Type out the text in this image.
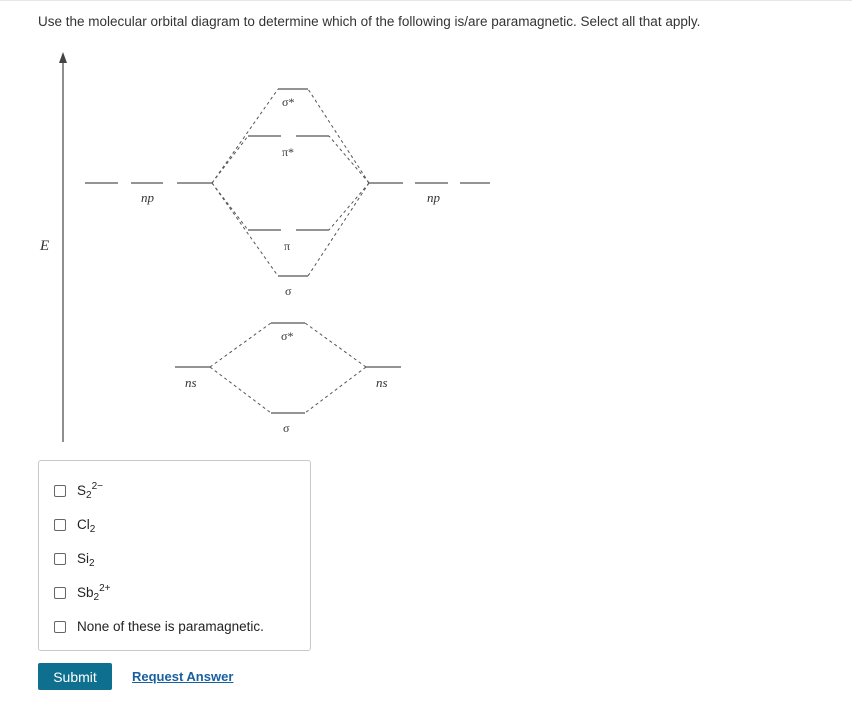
Use the molecular orbital diagram to determine which of the following is/are paramagnetic. Select all that apply.
E
np	np
σ*
π*
π
σ
ns	ns
σ*
σ
$S_2^{2-}$
$Cl_2$
$Si_2$
$Sb_2^{2+}$
None of these is paramagnetic.
Submit	Request Answer
